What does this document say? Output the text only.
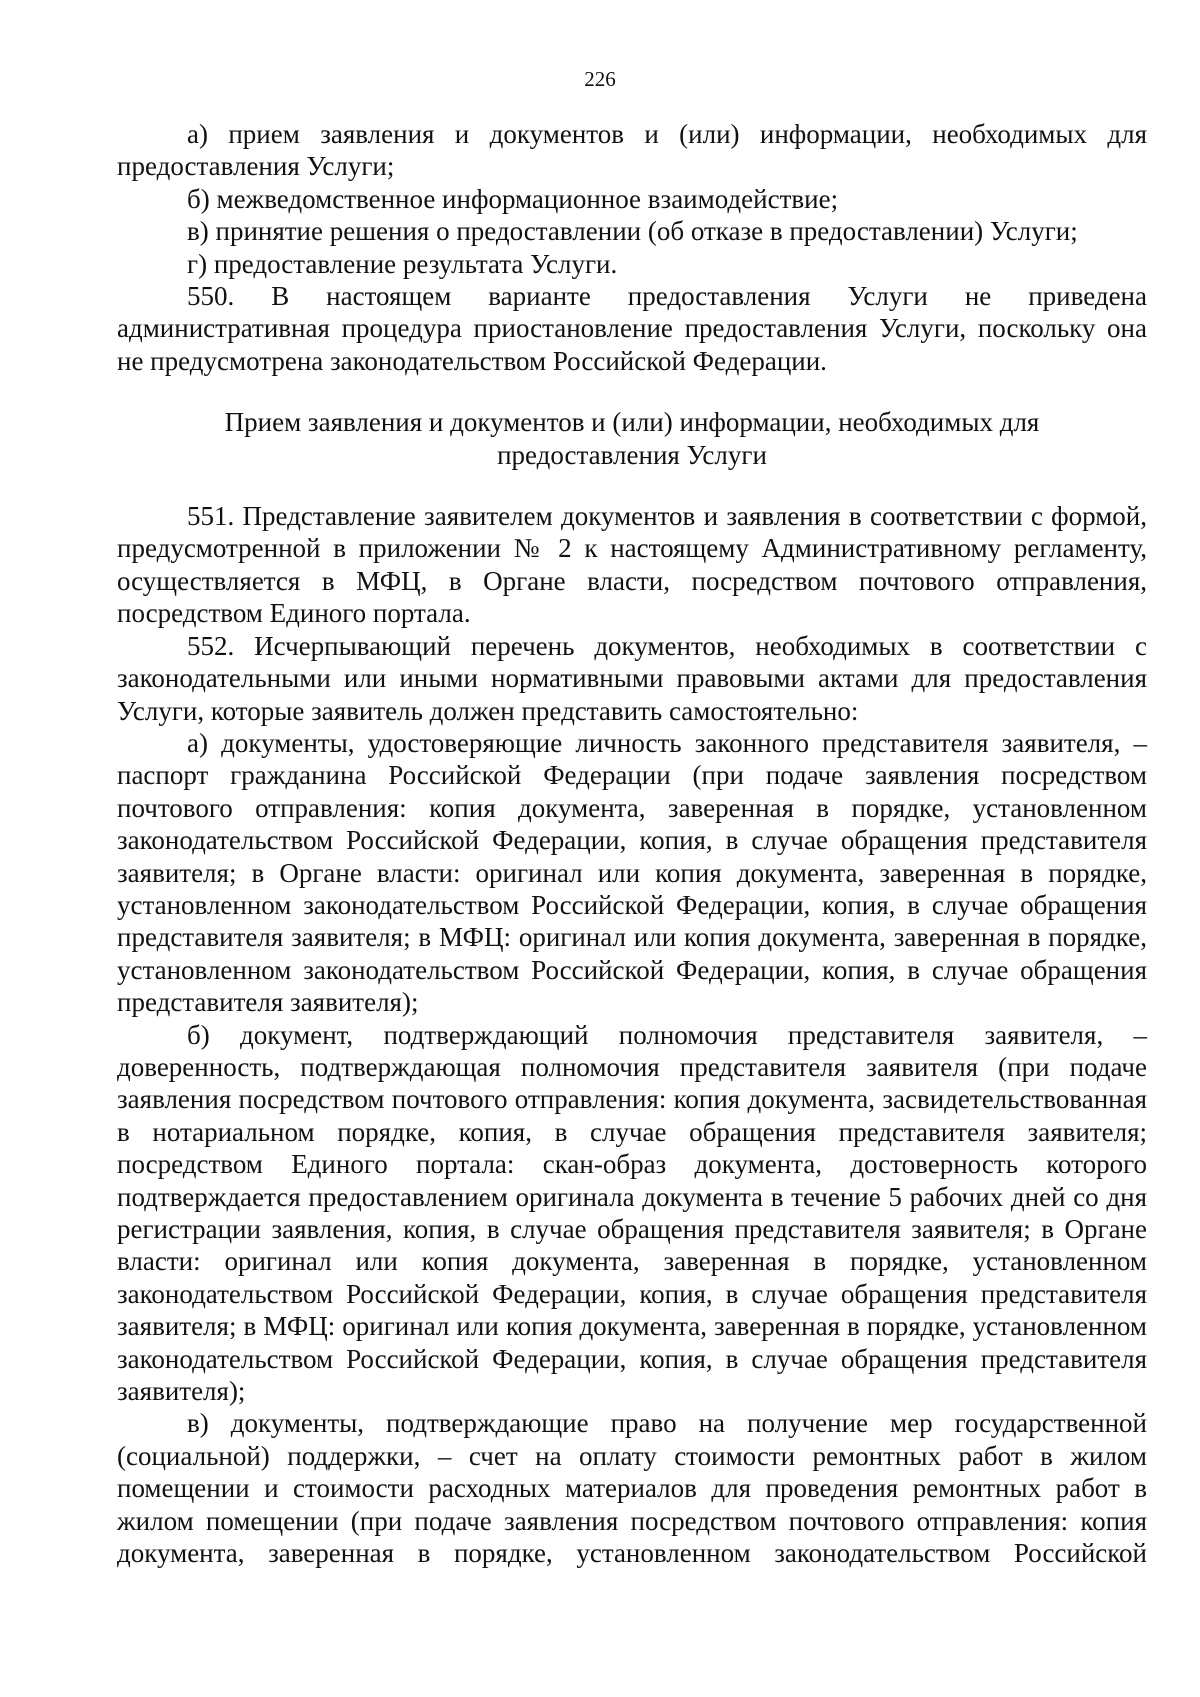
226

а) прием заявления и документов и (или) информации, необходимых для предоставления Услуги;

б) межведомственное информационное взаимодействие;

в) принятие решения о предоставлении (об отказе в предоставлении) Услуги;

г) предоставление результата Услуги.

550. В настоящем варианте предоставления Услуги не приведена административная процедура приостановление предоставления Услуги, поскольку она не предусмотрена законодательством Российской Федерации.

Прием заявления и документов и (или) информации, необходимых для предоставления Услуги

551. Представление заявителем документов и заявления в соответствии с формой, предусмотренной в приложении № 2 к настоящему Административному регламенту, осуществляется в МФЦ, в Органе власти, посредством почтового отправления, посредством Единого портала.

552. Исчерпывающий перечень документов, необходимых в соответствии с законодательными или иными нормативными правовыми актами для предоставления Услуги, которые заявитель должен представить самостоятельно:

а) документы, удостоверяющие личность законного представителя заявителя, – паспорт гражданина Российской Федерации (при подаче заявления посредством почтового отправления: копия документа, заверенная в порядке, установленном законодательством Российской Федерации, копия, в случае обращения представителя заявителя; в Органе власти: оригинал или копия документа, заверенная в порядке, установленном законодательством Российской Федерации, копия, в случае обращения представителя заявителя; в МФЦ: оригинал или копия документа, заверенная в порядке, установленном законодательством Российской Федерации, копия, в случае обращения представителя заявителя);

б) документ, подтверждающий полномочия представителя заявителя, – доверенность, подтверждающая полномочия представителя заявителя (при подаче заявления посредством почтового отправления: копия документа, засвидетельствованная в нотариальном порядке, копия, в случае обращения представителя заявителя; посредством Единого портала: скан-образ документа, достоверность которого подтверждается предоставлением оригинала документа в течение 5 рабочих дней со дня регистрации заявления, копия, в случае обращения представителя заявителя; в Органе власти: оригинал или копия документа, заверенная в порядке, установленном законодательством Российской Федерации, копия, в случае обращения представителя заявителя; в МФЦ: оригинал или копия документа, заверенная в порядке, установленном законодательством Российской Федерации, копия, в случае обращения представителя заявителя);

в) документы, подтверждающие право на получение мер государственной (социальной) поддержки, – счет на оплату стоимости ремонтных работ в жилом помещении и стоимости расходных материалов для проведения ремонтных работ в жилом помещении (при подаче заявления посредством почтового отправления: копия документа, заверенная в порядке, установленном законодательством Российской
